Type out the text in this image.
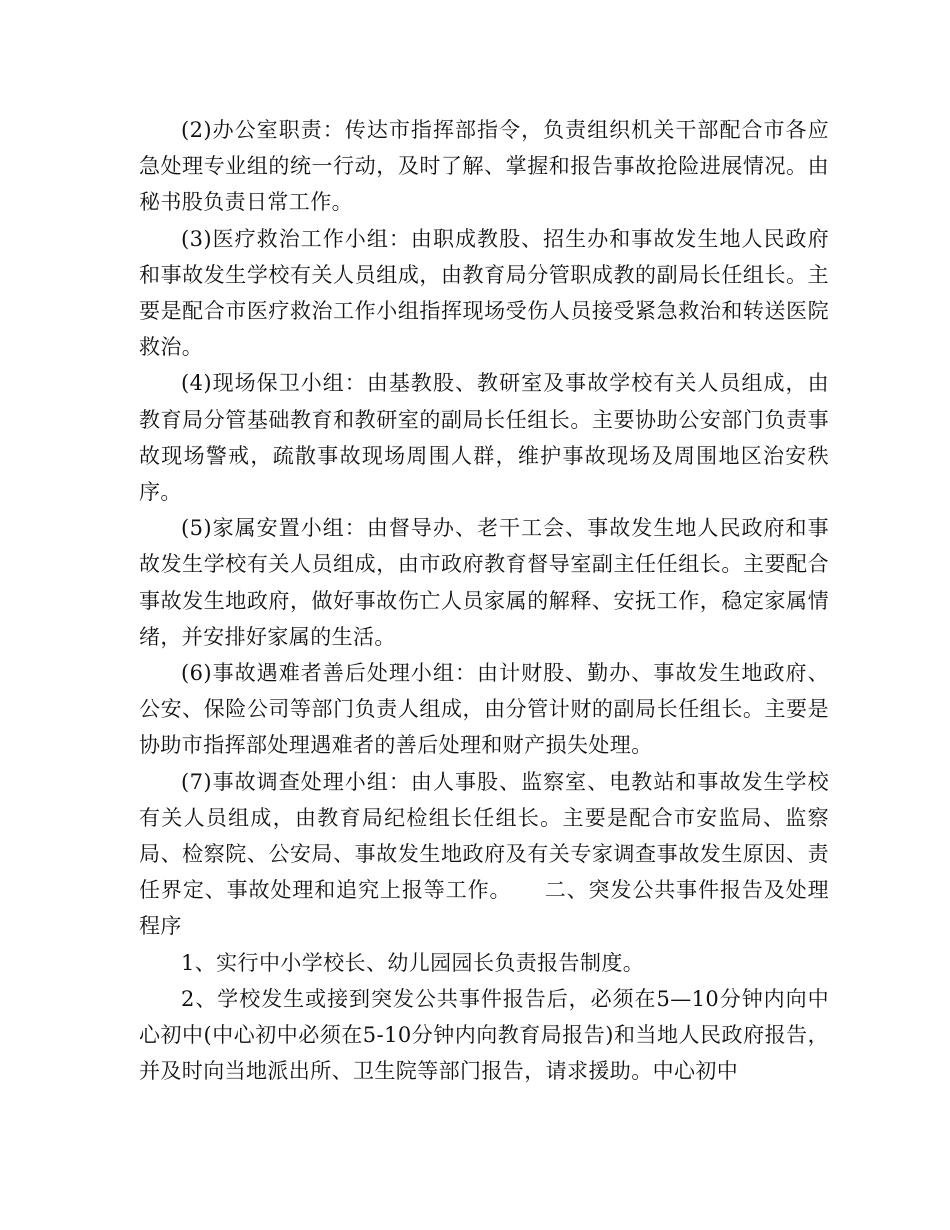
(2)办公室职责：传达市指挥部指令，负责组织机关干部配合市各应急处理专业组的统一行动，及时了解、掌握和报告事故抢险进展情况。由秘书股负责日常工作。

(3)医疗救治工作小组：由职成教股、招生办和事故发生地人民政府和事故发生学校有关人员组成，由教育局分管职成教的副局长任组长。主要是配合市医疗救治工作小组指挥现场受伤人员接受紧急救治和转送医院救治。

(4)现场保卫小组：由基教股、教研室及事故学校有关人员组成，由教育局分管基础教育和教研室的副局长任组长。主要协助公安部门负责事故现场警戒，疏散事故现场周围人群，维护事故现场及周围地区治安秩序。

(5)家属安置小组：由督导办、老干工会、事故发生地人民政府和事故发生学校有关人员组成，由市政府教育督导室副主任任组长。主要配合事故发生地政府，做好事故伤亡人员家属的解释、安抚工作，稳定家属情绪，并安排好家属的生活。

(6)事故遇难者善后处理小组：由计财股、勤办、事故发生地政府、公安、保险公司等部门负责人组成，由分管计财的副局长任组长。主要是协助市指挥部处理遇难者的善后处理和财产损失处理。

(7)事故调查处理小组：由人事股、监察室、电教站和事故发生学校有关人员组成，由教育局纪检组长任组长。主要是配合市安监局、监察局、检察院、公安局、事故发生地政府及有关专家调查事故发生原因、责任界定、事故处理和追究上报等工作。　　二、突发公共事件报告及处理程序

1、实行中小学校长、幼儿园园长负责报告制度。

2、学校发生或接到突发公共事件报告后，必须在5—10分钟内向中心初中(中心初中必须在5-10分钟内向教育局报告)和当地人民政府报告，并及时向当地派出所、卫生院等部门报告，请求援助。中心初中
